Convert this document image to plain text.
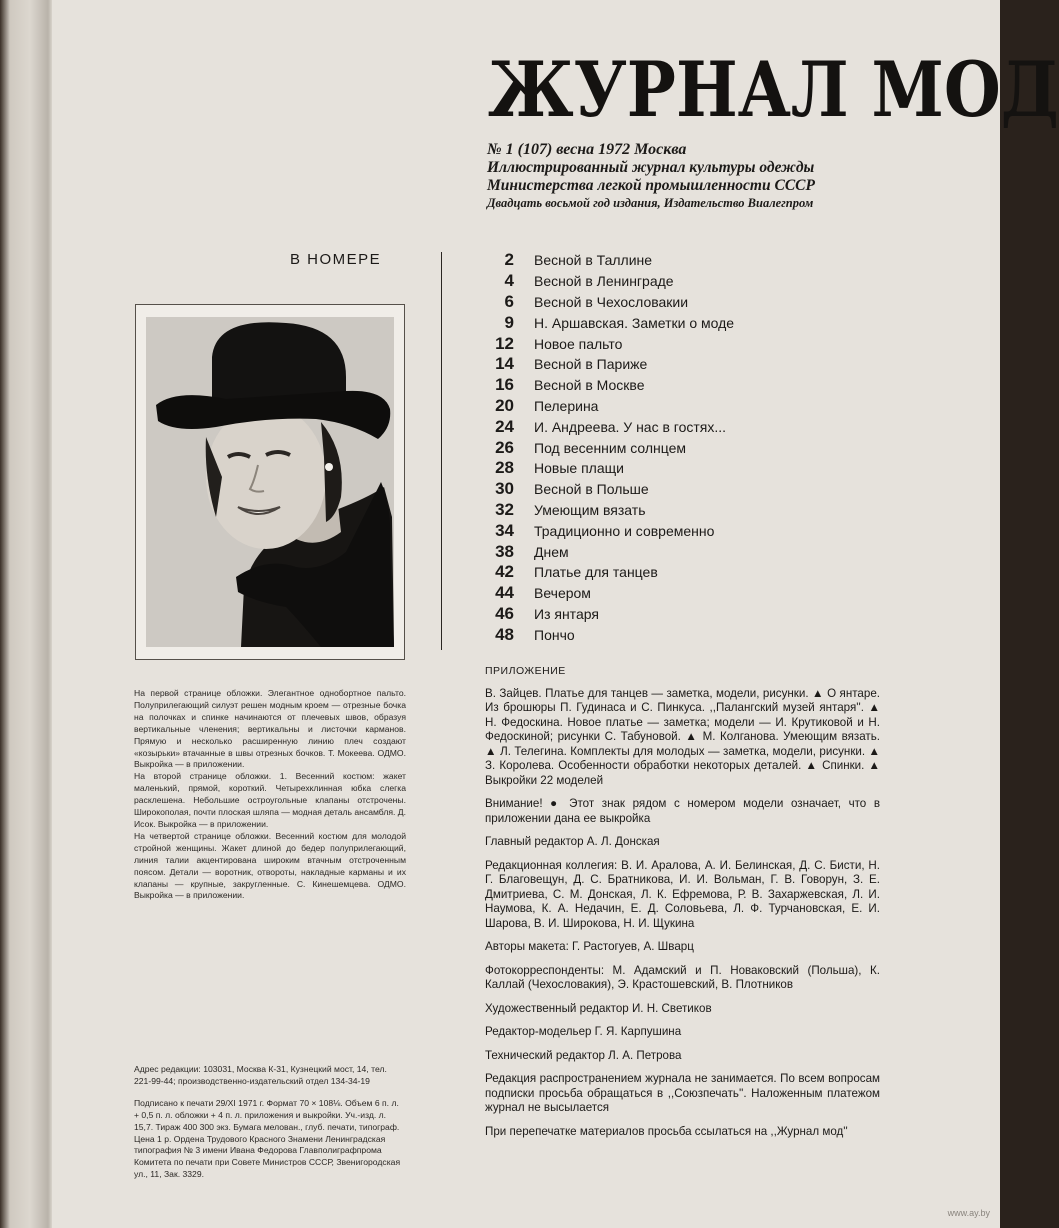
ЖУРНАЛ МОД
№ 1 (107) весна 1972 Москва
Иллюстрированный журнал культуры одежды
Министерства легкой промышленности СССР
Двадцать восьмой год издания, Издательство Виалегпром
В НОМЕРЕ	2 Весной в Таллине
4 Весной в Ленинграде
6 Весной в Чехословакии
9 Н. Аршавская. Заметки о моде
12 Новое пальто
14 Весной в Париже
16 Весной в Москве
20 Пелерина
24 И. Андреева. У нас в гостях...
26 Под весенним солнцем
28 Новые плащи
30 Весной в Польше
32 Умеющим вязать
34 Традиционно и современно
38 Днем
42 Платье для танцев
44 Вечером
46 Из янтаря
48 Пончо
ПРИЛОЖЕНИЕ

В. Зайцев. Платье для танцев — заметка, модели, рисунки. ▲ О янтаре. Из брошюры П. Гудинаса и С. Пинкуса. ,,Палангский музей янтаря''. ▲ Н. Федоскина. Новое платье — заметка; модели — И. Крутиковой и Н. Федоскиной; рисунки С. Табуновой. ▲ М. Колганова. Умеющим вязать. ▲ Л. Телегина. Комплекты для молодых — заметка, модели, рисунки. ▲ З. Королева. Особенности обработки некоторых деталей. ▲ Спинки. ▲ Выкройки 22 моделей

Внимание! ● Этот знак рядом с номером модели означает, что в приложении дана ее выкройка

Главный редактор А. Л. Донская

Редакционная коллегия: В. И. Аралова, А. И. Белинская, Д. С. Бисти, Н. Г. Благовещун, Д. С. Братникова, И. И. Вольман, Г. В. Говорун, З. Е. Дмитриева, С. М. Донская, Л. К. Ефремова, Р. В. Захаржевская, Л. И. Наумова, К. А. Недачин, Е. Д. Соловьева, Л. Ф. Турчановская, Е. И. Шарова, В. И. Широкова, Н. И. Щукина

Авторы макета: Г. Растогуев, А. Шварц

Фотокорреспонденты: М. Адамский и П. Новаковский (Польша), К. Каллай (Чехословакия), Э. Крастошевский, В. Плотников

Художественный редактор И. Н. Светиков

Редактор-модельер Г. Я. Карпушина

Технический редактор Л. А. Петрова

Редакция распространением журнала не занимается. По всем вопросам подписки просьба обращаться в ,,Союзпечать''. Наложенным платежом журнал не высылается

При перепечатке материалов просьба ссылаться на ,,Журнал мод''

На первой странице обложки. Элегантное однобортное пальто. Полуприлегающий силуэт решен модным кроем — отрезные бочка на полочках и спинке начинаются от плечевых швов, образуя вертикальные членения; вертикальны и листочки карманов. Прямую и несколько расширенную линию плеч создают «козырьки» втачанные в швы отрезных бочков. Т. Мокеева. ОДМО. Выкройка — в приложении.

На второй странице обложки. 1. Весенний костюм: жакет маленький, прямой, короткий. Четырехклинная юбка слегка расклешена. Небольшие остроугольные клапаны отстрочены. Широкополая, почти плоская шляпа — модная деталь ансамбля. Д. Исок. Выкройка — в приложении.

На четвертой странице обложки. Весенний костюм для молодой стройной женщины. Жакет длиной до бедер полуприлегающий, линия талии акцентирована широким втачным отстроченным поясом. Детали — воротник, отвороты, накладные карманы и их клапаны — крупные, закругленные. С. Кинешемцева. ОДМО. Выкройка — в приложении.

Адрес редакции: 103031, Москва К-31, Кузнецкий мост, 14, тел. 221-99-44; производственно-издательский отдел 134-34-19

Подписано к печати 29/XI 1971 г. Формат 70 × 108⅛. Объем 6 п. л. + 0,5 п. л. обложки + 4 п. л. приложения и выкройки. Уч.-изд. л. 15,7. Тираж 400 300 экз. Бумага мелован., глуб. печати, типограф. Цена 1 р. Ордена Трудового Красного Знамени Ленинградская типография № 3 имени Ивана Федорова Главполиграфпрома Комитета по печати при Совете Министров СССР, Звенигородская ул., 11, Зак. 3329.

www.ay.by
